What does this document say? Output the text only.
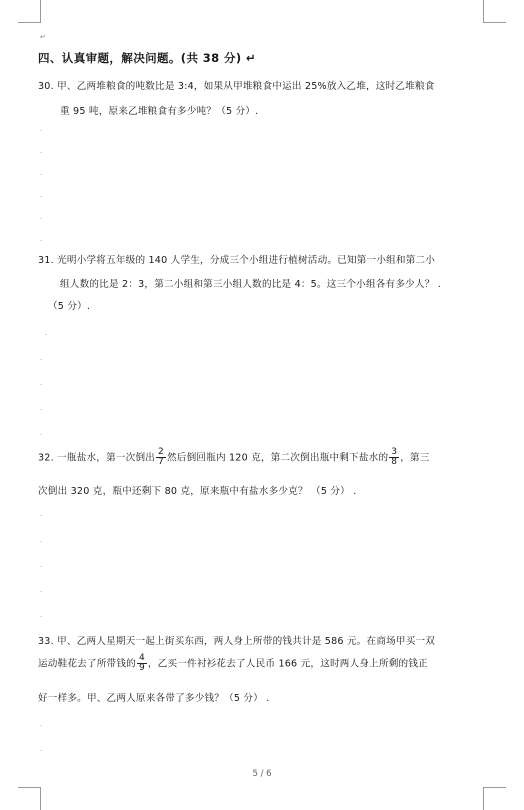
↵
四、认真审题，解决问题。(共 38 分) ↵
30. 甲、乙两堆粮食的吨数比是 3:4，如果从甲堆粮食中运出 25%放入乙堆，这时乙堆粮食
重 95 吨，原来乙堆粮食有多少吨？（5 分）.
.
.
.
.
.
.
31. 光明小学将五年级的 140 人学生，分成三个小组进行植树活动。已知第一小组和第二小
组人数的比是 2：3，第二小组和第三小组人数的比是 4：5。这三个小组各有多少人？ .
（5 分）.
.
.
.
.
.
32. 一瓶盐水，第一次倒出 $\frac{2}{7}$ 然后倒回瓶内 120 克，第二次倒出瓶中剩下盐水的 $\frac{3}{8}$ ，第三
次倒出 320 克，瓶中还剩下 80 克，原来瓶中有盐水多少克？ （5 分） .
.
.
.
.
.
33. 甲、乙两人星期天一起上街买东西，两人身上所带的钱共计是 586 元。在商场甲买一双
运动鞋花去了所带钱的 $\frac{4}{9}$ ，乙买一件衬衫花去了人民币 166 元，这时两人身上所剩的钱正
好一样多。甲、乙两人原来各带了多少钱？（5 分） .
.
.
5 / 6
